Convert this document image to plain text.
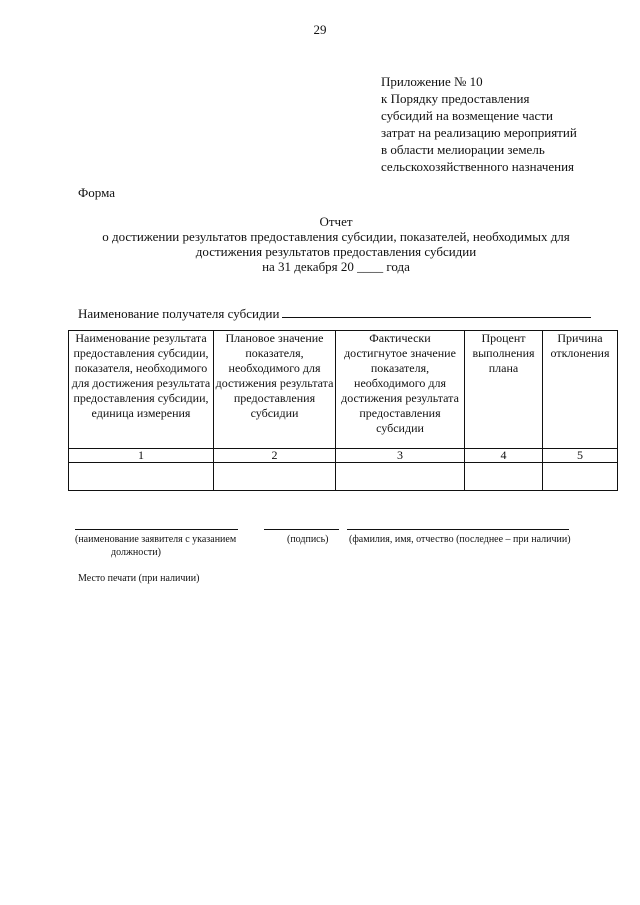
29
Приложение № 10
к Порядку предоставления
субсидий на возмещение части
затрат на реализацию мероприятий
в области мелиорации земель
сельскохозяйственного назначения
Форма
Отчет
о достижении результатов предоставления субсидии, показателей, необходимых для
достижения результатов предоставления субсидии
на 31 декабря 20 ____ года
Наименование получателя субсидии
Наименование результата предоставления субсидии, показателя, необходимого для достижения результата предоставления субсидии, единица измерения	Плановое значение показателя, необходимого для достижения результата предоставления субсидии	Фактически достигнутое значение показателя, необходимого для достижения результата предоставления субсидии	Процент выполнения плана	Причина отклонения
1	2	3	4	5

(наименование заявителя с указанием
должности)
(подпись) (фамилия, имя, отчество (последнее – при наличии)
Место печати (при наличии)
